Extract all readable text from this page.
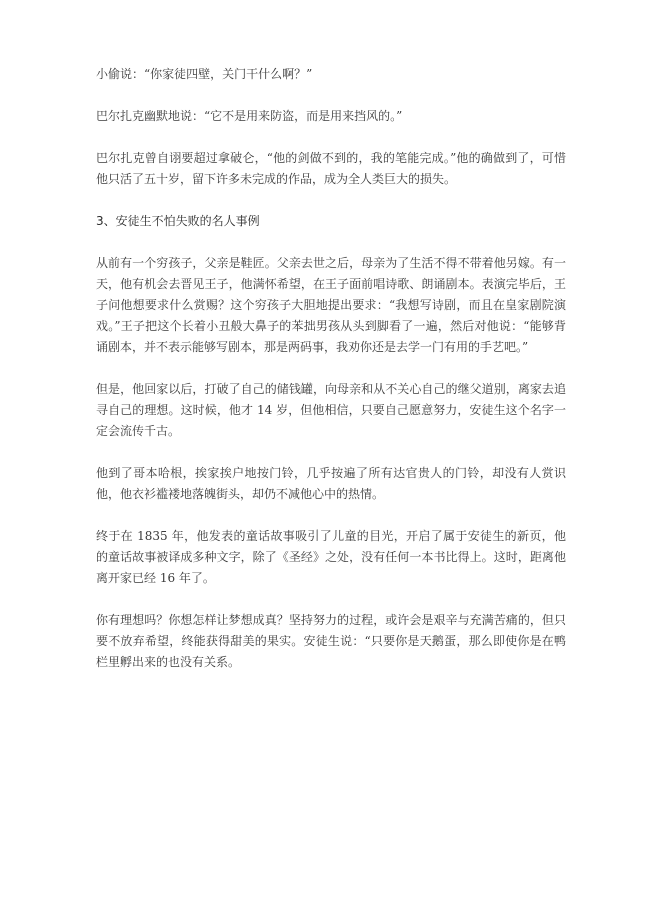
小偷说：“你家徒四壁，关门干什么啊？”

巴尔扎克幽默地说：“它不是用来防盗，而是用来挡风的。”

巴尔扎克曾自诩要超过拿破仑，“他的剑做不到的，我的笔能完成。”他的确做到了，可惜他只活了五十岁，留下许多未完成的作品，成为全人类巨大的损失。

3、安徒生不怕失败的名人事例

从前有一个穷孩子，父亲是鞋匠。父亲去世之后，母亲为了生活不得不带着他另嫁。有一天，他有机会去晋见王子，他满怀希望，在王子面前唱诗歌、朗诵剧本。表演完毕后，王子问他想要求什么赏赐？这个穷孩子大胆地提出要求：“我想写诗剧，而且在皇家剧院演戏。”王子把这个长着小丑般大鼻子的苯拙男孩从头到脚看了一遍，然后对他说：“能够背诵剧本，并不表示能够写剧本，那是两码事，我劝你还是去学一门有用的手艺吧。”

但是，他回家以后，打破了自己的储钱罐，向母亲和从不关心自己的继父道别，离家去追寻自己的理想。这时候，他才 14 岁，但他相信，只要自己愿意努力，安徒生这个名字一定会流传千古。

他到了哥本哈根，挨家挨户地按门铃，几乎按遍了所有达官贵人的门铃，却没有人赏识他，他衣衫褴褛地落魄街头，却仍不减他心中的热情。

终于在 1835 年，他发表的童话故事吸引了儿童的目光，开启了属于安徒生的新页，他的童话故事被译成多种文字，除了《圣经》之处，没有任何一本书比得上。这时，距离他离开家已经 16 年了。

你有理想吗？你想怎样让梦想成真？坚持努力的过程，或许会是艰辛与充满苦痛的，但只要不放弃希望，终能获得甜美的果实。安徒生说：“只要你是天鹅蛋，那么即使你是在鸭栏里孵出来的也没有关系。
